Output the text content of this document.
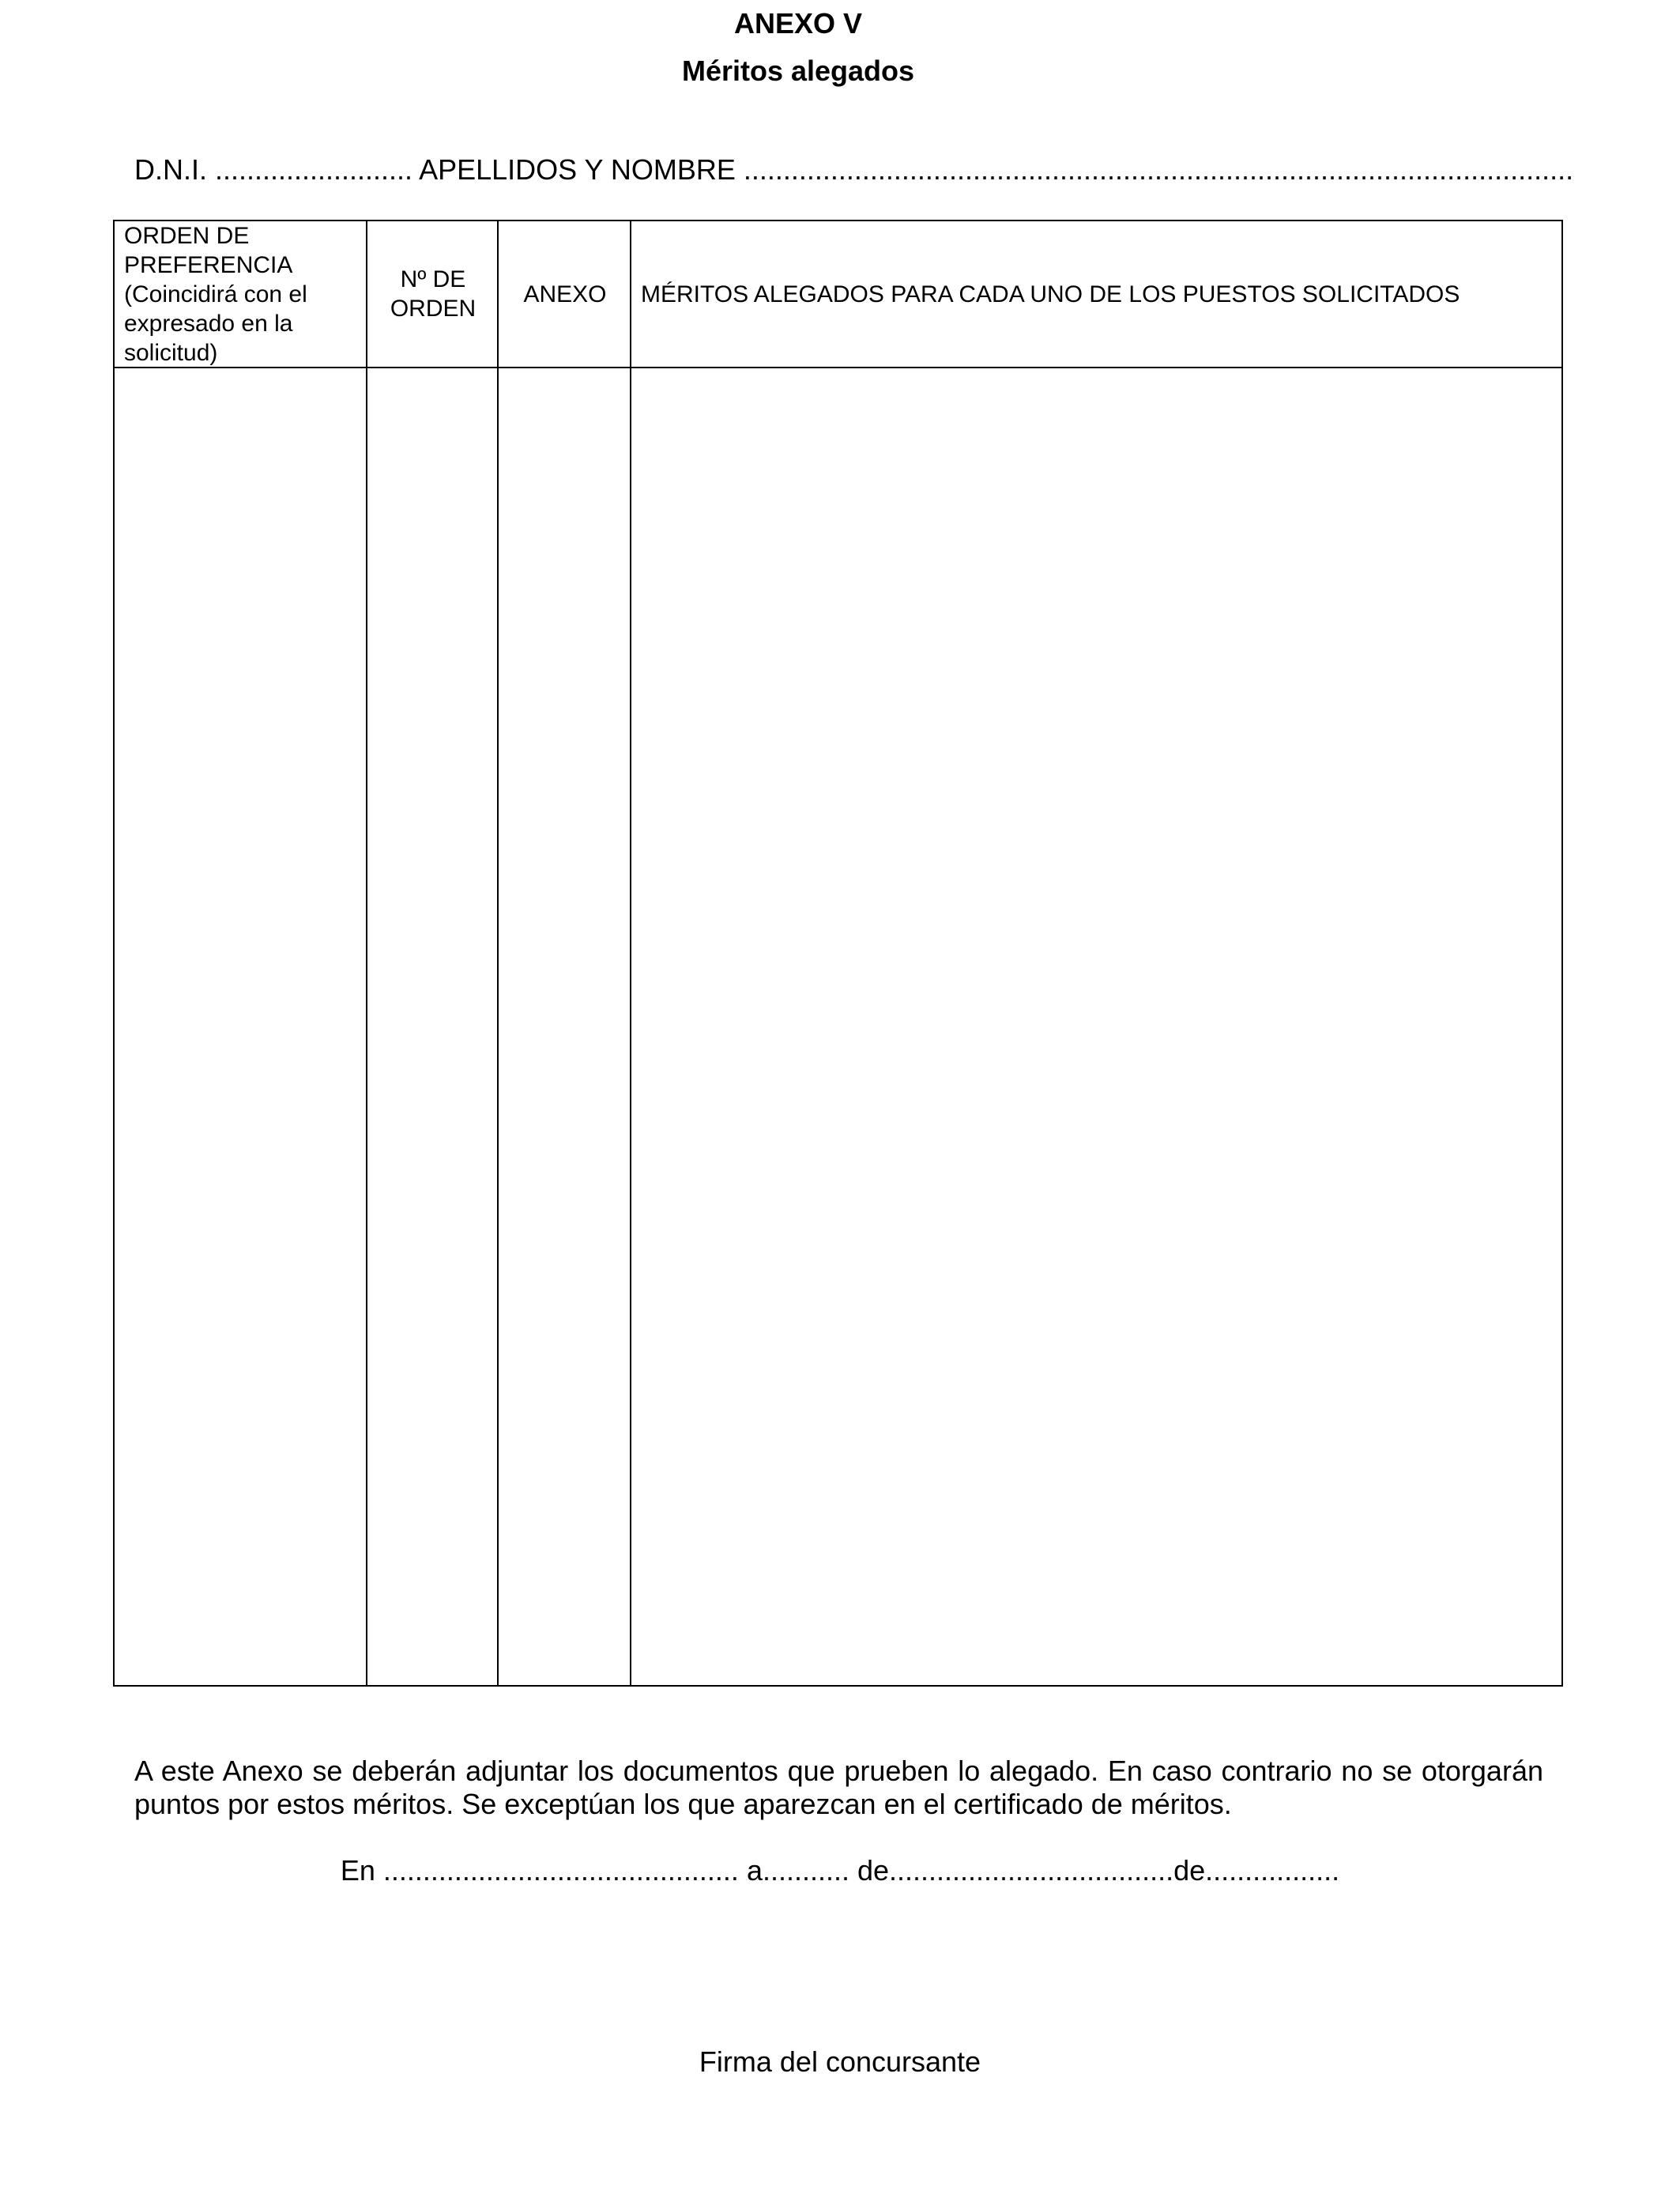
ANEXO V
Méritos alegados
D.N.I. ......................... APELLIDOS Y NOMBRE .........................................................................................................
ORDEN DE PREFERENCIA (Coincidirá con el expresado en la solicitud)
Nº DE ORDEN
ANEXO MÉRITOS ALEGADOS PARA CADA UNO DE LOS PUESTOS SOLICITADOS
A este Anexo se deberán adjuntar los documentos que prueben lo alegado. En caso contrario no se otorgarán puntos por estos méritos. Se exceptúan los que aparezcan en el certificado de méritos.
En ............................................. a........... de....................................de.................
Firma del concursante
